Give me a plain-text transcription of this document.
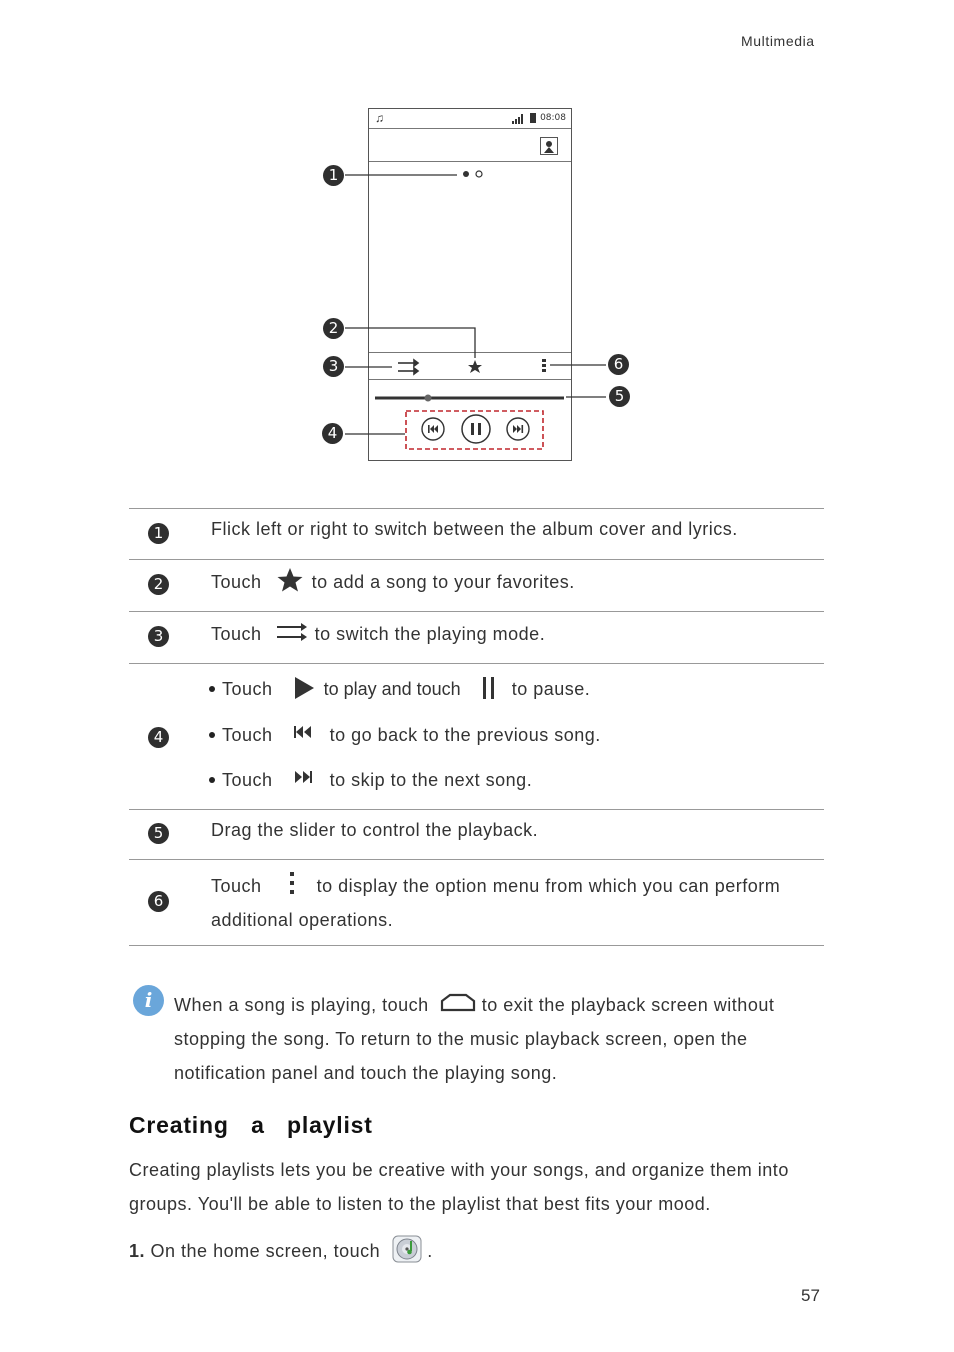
Multimedia
♫	08:08
1
2
3
4
5
6
1	Flick left or right to switch between the album cover and lyrics.
2	Touch	to add a song to your favorites.
3	Touch	to switch the playing mode.
4
Touch	to play and touch	to pause.
Touch	to go back to the previous song.
Touch	to skip to the next song.
5	Drag the slider to control the playback.
6
Touch	to display the option menu from which you can perform
additional operations.
i	When a song is playing, touch	to exit the playback screen without
stopping the song. To return to the music playback screen, open the
notification panel and touch the playing song.
Creating  a  playlist
Creating playlists lets you be creative with your songs, and organize them into
groups. You'll be able to listen to the playlist that best fits your mood.
1. On the home screen, touch	.
57
